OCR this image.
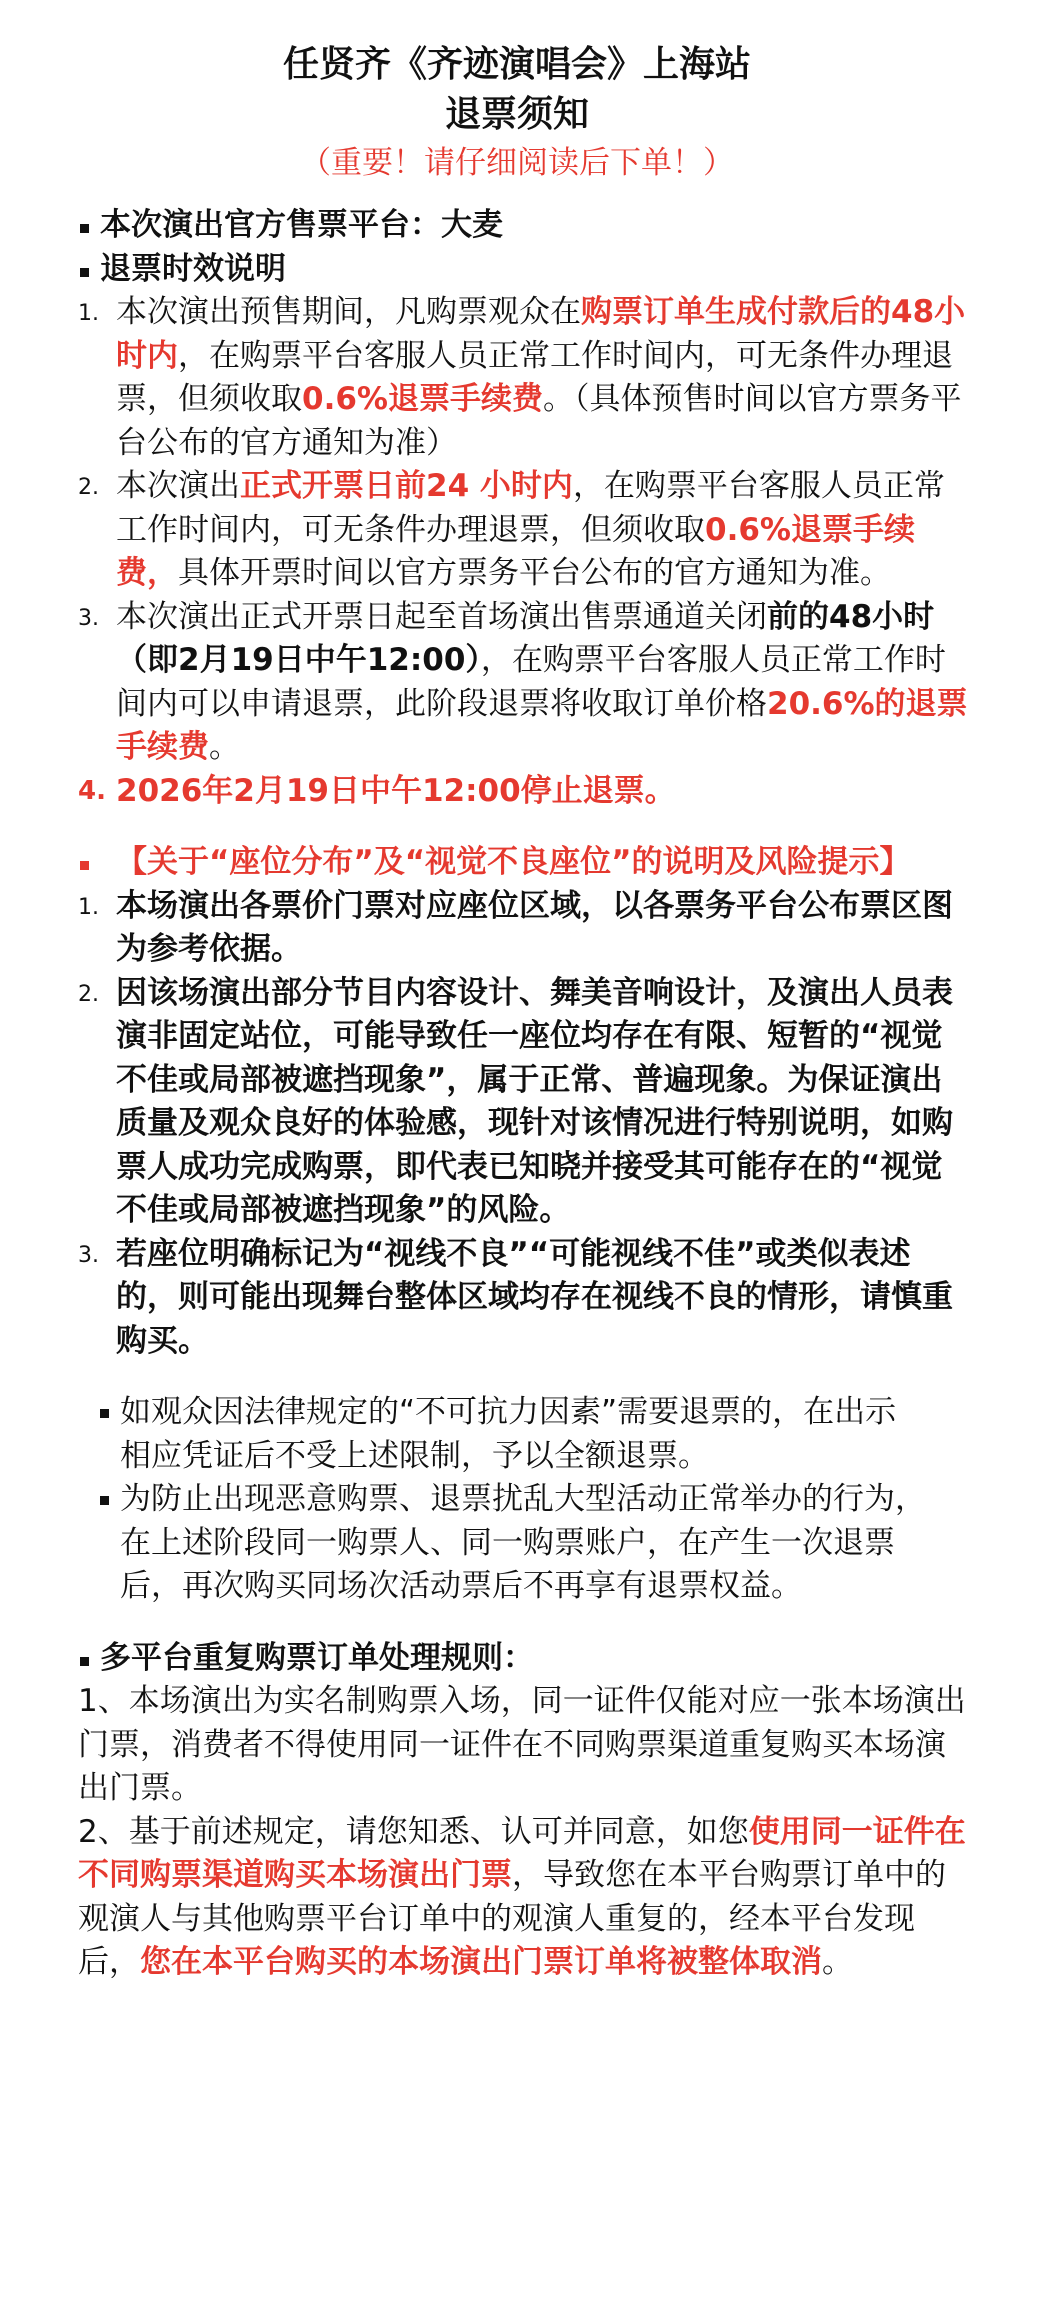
任贤齐《齐迹演唱会》上海站
退票须知
（重要！请仔细阅读后下单！）
本次演出官方售票平台：大麦
退票时效说明
1. 本次演出预售期间，凡购票观众在购票订单生成付款后的48小时内，在购票平台客服人员正常工作时间内，可无条件办理退票，但须收取0.6%退票手续费。（具体预售时间以官方票务平台公布的官方通知为准）
2. 本次演出正式开票日前24 小时内，在购票平台客服人员正常工作时间内，可无条件办理退票，但须收取0.6%退票手续费，具体开票时间以官方票务平台公布的官方通知为准。
3. 本次演出正式开票日起至首场演出售票通道关闭前的48小时（即2月19日中午12:00），在购票平台客服人员正常工作时间内可以申请退票，此阶段退票将收取订单价格20.6%的退票手续费。
4. 2026年2月19日中午12:00停止退票。
【关于“座位分布”及“视觉不良座位”的说明及风险提示】
1. 本场演出各票价门票对应座位区域，以各票务平台公布票区图为参考依据。
2. 因该场演出部分节目内容设计、舞美音响设计，及演出人员表演非固定站位，可能导致任一座位均存在有限、短暂的“视觉不佳或局部被遮挡现象”，属于正常、普遍现象。为保证演出质量及观众良好的体验感，现针对该情况进行特别说明，如购票人成功完成购票，即代表已知晓并接受其可能存在的“视觉不佳或局部被遮挡现象”的风险。
3. 若座位明确标记为“视线不良”“可能视线不佳”或类似表述的，则可能出现舞台整体区域均存在视线不良的情形，请慎重购买。
如观众因法律规定的“不可抗力因素”需要退票的，在出示相应凭证后不受上述限制，予以全额退票。
为防止出现恶意购票、退票扰乱大型活动正常举办的行为，在上述阶段同一购票人、同一购票账户，在产生一次退票后，再次购买同场次活动票后不再享有退票权益。
多平台重复购票订单处理规则：
1、本场演出为实名制购票入场，同一证件仅能对应一张本场演出门票，消费者不得使用同一证件在不同购票渠道重复购买本场演出门票。
2、基于前述规定，请您知悉、认可并同意，如您使用同一证件在不同购票渠道购买本场演出门票，导致您在本平台购票订单中的观演人与其他购票平台订单中的观演人重复的，经本平台发现后，您在本平台购买的本场演出门票订单将被整体取消。
